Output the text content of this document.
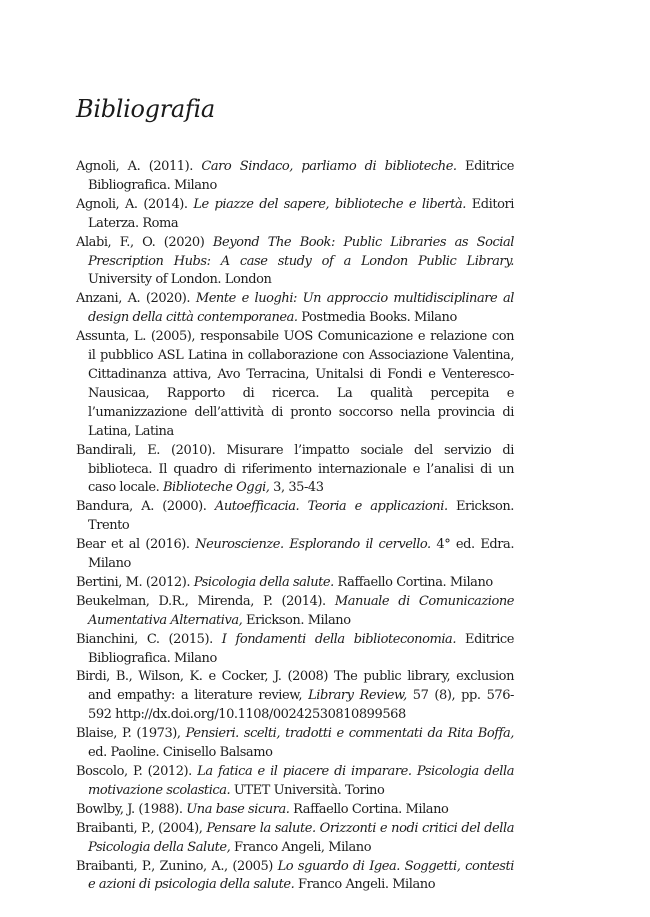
Bibliografia
Agnoli, A. (2011). Caro Sindaco, parliamo di biblioteche. Editrice Bibliografica. Milano
Agnoli, A. (2014). Le piazze del sapere, biblioteche e libertà. Editori Laterza. Roma
Alabi, F., O. (2020) Beyond The Book: Public Libraries as Social Prescription Hubs: A case study of a London Public Library. University of London. London
Anzani, A. (2020). Mente e luoghi: Un approccio multidisciplinare al design della città contemporanea. Postmedia Books. Milano
Assunta, L. (2005), responsabile UOS Comunicazione e relazione con il pubblico ASL Latina in collaborazione con Associazione Valentina, Cittadinanza attiva, Avo Terracina, Unitalsi di Fondi e Venteresco-Nausicaa, Rapporto di ricerca. La qualità percepita e l’umanizzazione dell’attività di pronto soccorso nella provincia di Latina, Latina
Bandirali, E. (2010). Misurare l’impatto sociale del servizio di biblioteca. Il quadro di riferimento internazionale e l’analisi di un caso locale. Biblioteche Oggi, 3, 35-43
Bandura, A. (2000). Autoefficacia. Teoria e applicazioni. Erickson. Trento
Bear et al (2016). Neuroscienze. Esplorando il cervello. 4° ed. Edra. Milano
Bertini, M. (2012). Psicologia della salute. Raffaello Cortina. Milano
Beukelman, D.R., Mirenda, P. (2014). Manuale di Comunicazione Aumentativa Alternativa, Erickson. Milano
Bianchini, C. (2015). I fondamenti della biblioteconomia. Editrice Bibliografica. Milano
Birdi, B., Wilson, K. e Cocker, J. (2008) The public library, exclusion and empathy: a literature review, Library Review, 57 (8), pp. 576-592 http://dx.doi.org/10.1108/00242530810899568
Blaise, P. (1973), Pensieri. scelti, tradotti e commentati da Rita Boffa, ed. Paoline. Cinisello Balsamo
Boscolo, P. (2012). La fatica e il piacere di imparare. Psicologia della motivazione scolastica. UTET Università. Torino
Bowlby, J. (1988). Una base sicura. Raffaello Cortina. Milano
Braibanti, P., (2004), Pensare la salute. Orizzonti e nodi critici del della Psicologia della Salute, Franco Angeli, Milano
Braibanti, P., Zunino, A., (2005) Lo sguardo di Igea. Soggetti, contesti e azioni di psicologia della salute. Franco Angeli. Milano
